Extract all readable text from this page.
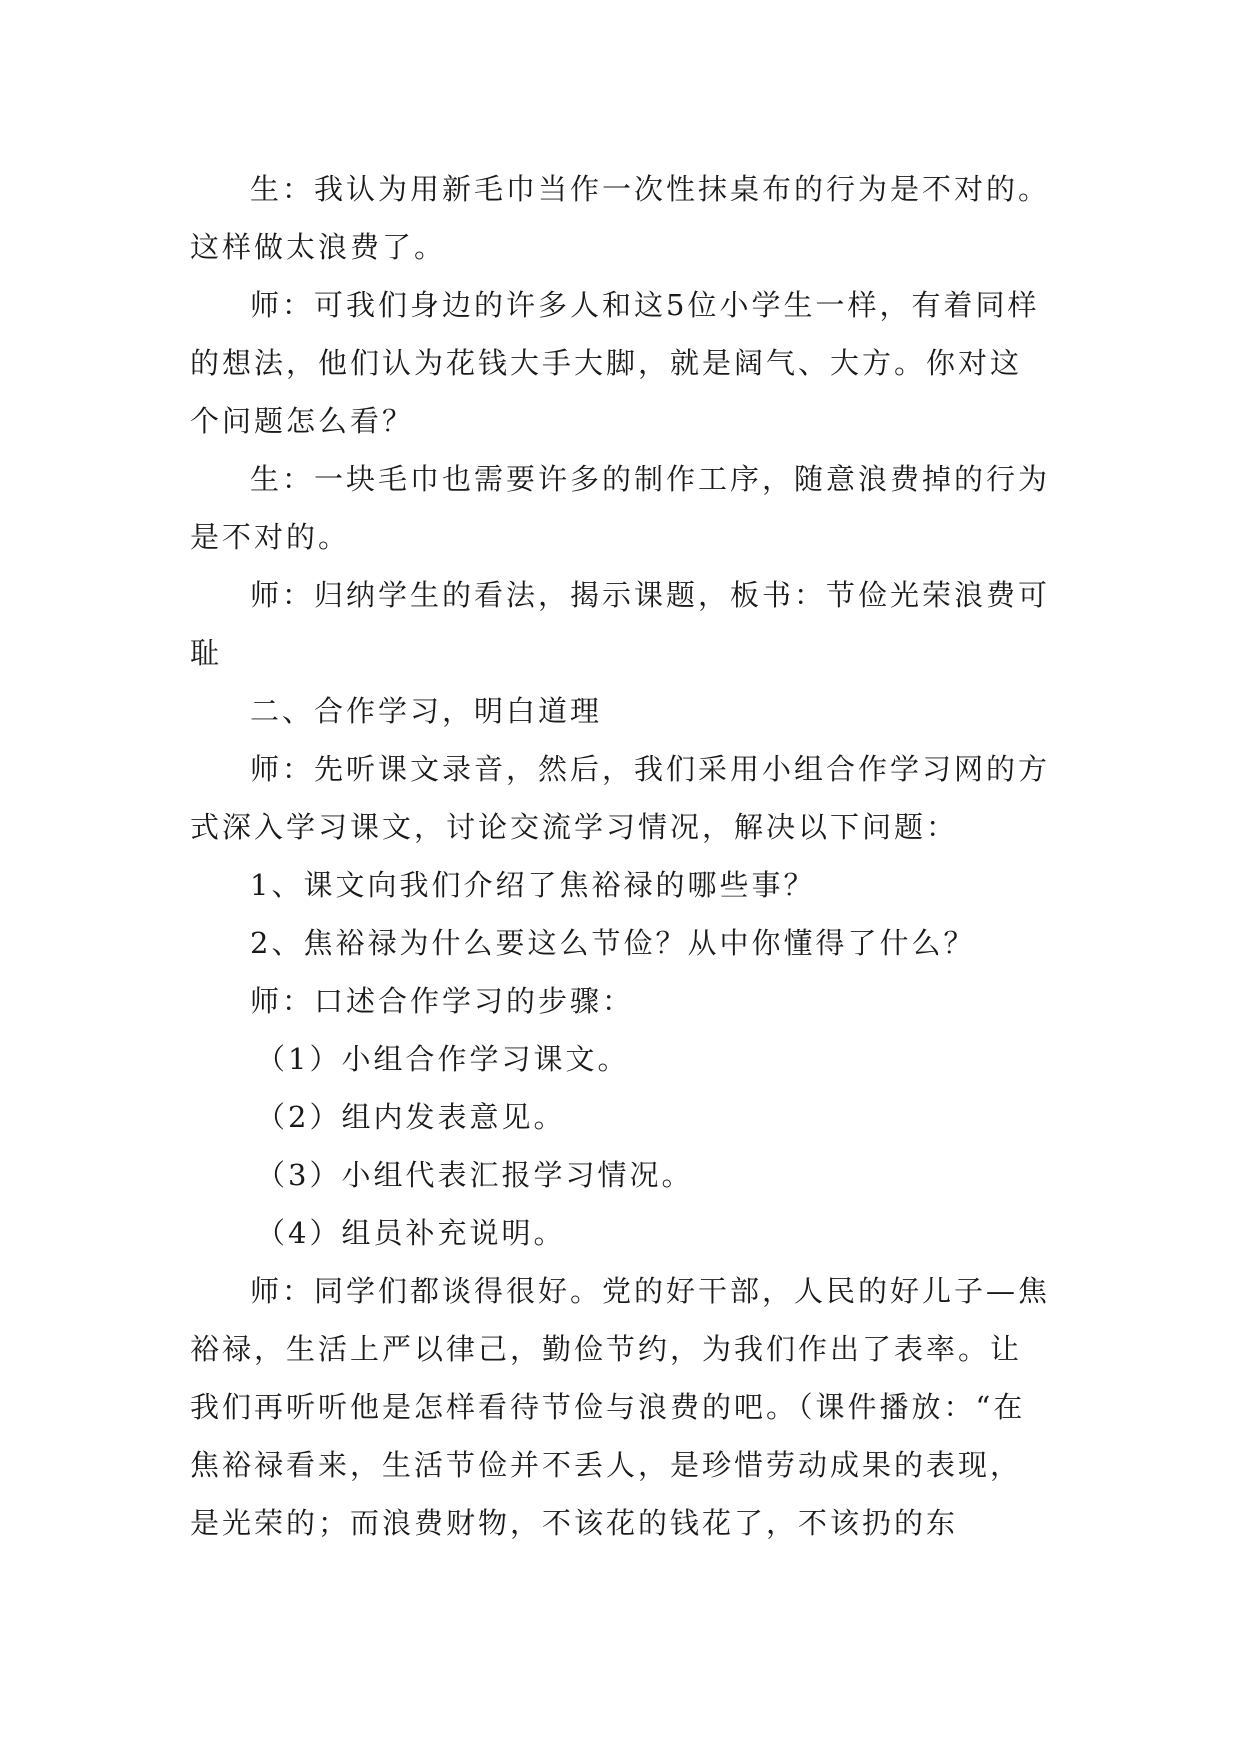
生：我认为用新毛巾当作一次性抹桌布的行为是不对的。这样做太浪费了。

师：可我们身边的许多人和这5位小学生一样，有着同样的想法，他们认为花钱大手大脚，就是阔气、大方。你对这个问题怎么看？

生：一块毛巾也需要许多的制作工序，随意浪费掉的行为是不对的。

师：归纳学生的看法，揭示课题，板书：节俭光荣浪费可耻

二、合作学习，明白道理

师：先听课文录音，然后，我们采用小组合作学习网的方式深入学习课文，讨论交流学习情况，解决以下问题：

1、课文向我们介绍了焦裕禄的哪些事？

2、焦裕禄为什么要这么节俭？从中你懂得了什么？

师：口述合作学习的步骤：

（1）小组合作学习课文。

（2）组内发表意见。

（3）小组代表汇报学习情况。

（4）组员补充说明。

师：同学们都谈得很好。党的好干部，人民的好儿子—焦裕禄，生活上严以律己，勤俭节约，为我们作出了表率。让我们再听听他是怎样看待节俭与浪费的吧。（课件播放：“在焦裕禄看来，生活节俭并不丢人，是珍惜劳动成果的表现，是光荣的；而浪费财物，不该花的钱花了，不该扔的东
